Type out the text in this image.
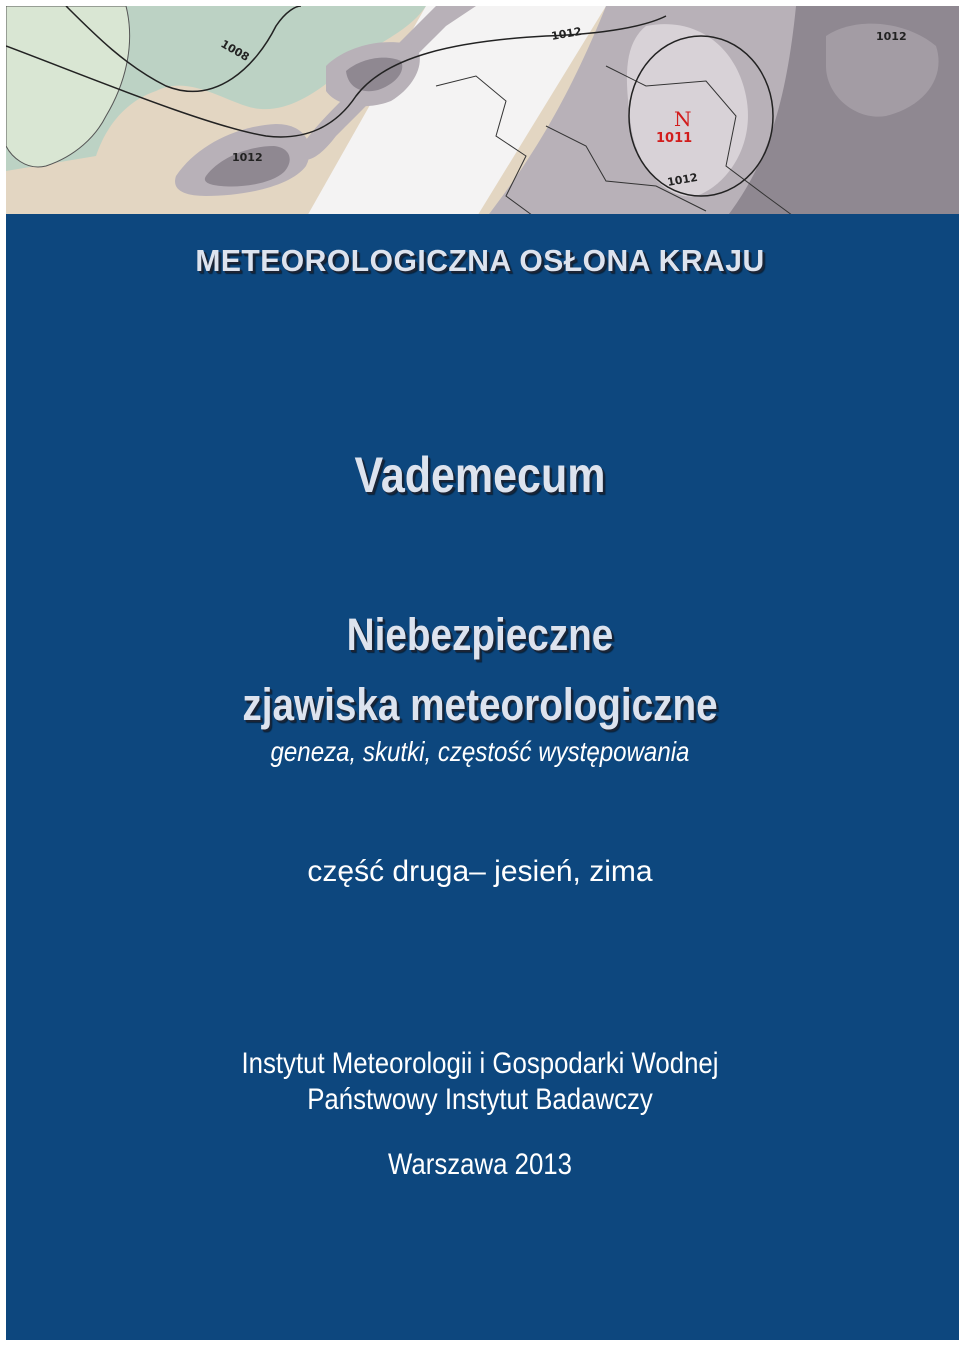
1008
1012
1012
1012
1012
N
1011
METEOROLOGICZNA OSŁONA KRAJU
Vademecum
Niebezpieczne
zjawiska meteorologiczne
geneza, skutki, częstość występowania
część druga– jesień, zima
Instytut Meteorologii i Gospodarki Wodnej
Państwowy Instytut Badawczy
Warszawa 2013
